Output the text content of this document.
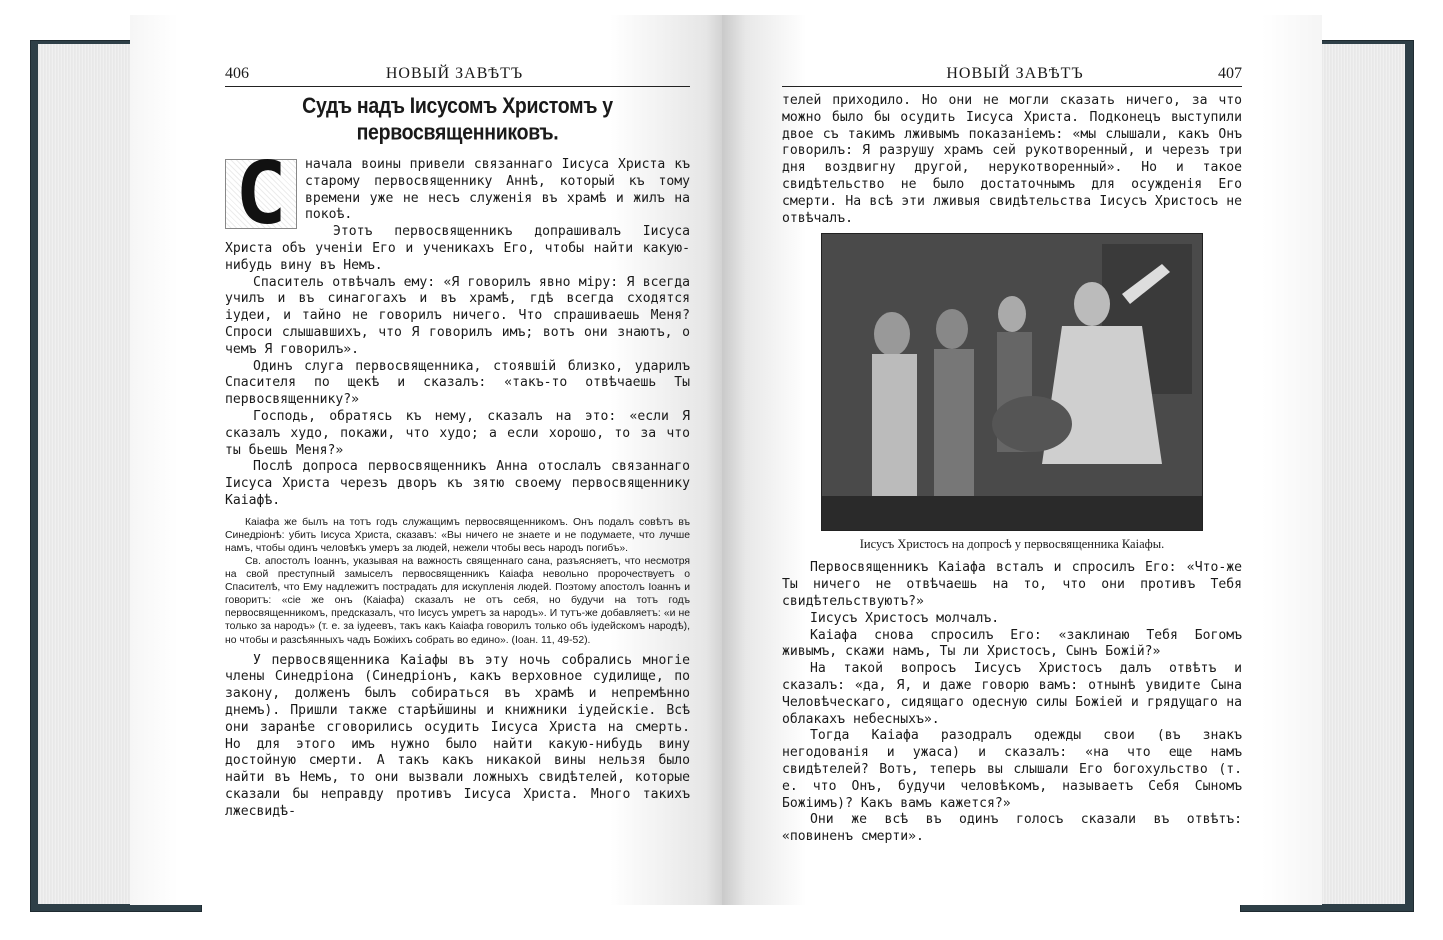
406	НОВЫЙ ЗАВѢТЪ
Судъ надъ Іисусомъ Христомъ у первосвященниковъ.
С	начала воины привели связаннаго Іисуса Христа къ старому первосвященнику Аннѣ, который къ тому времени уже не несъ служенія въ храмѣ и жилъ на покоѣ.

Этотъ первосвященникъ допрашивалъ Іисуса Христа объ ученіи Его и ученикахъ Его, чтобы найти какую-нибудь вину въ Немъ.

Спаситель отвѣчалъ ему: «Я говорилъ явно міру: Я всегда училъ и въ синагогахъ и въ храмѣ, гдѣ всегда сходятся іудеи, и тайно не говорилъ ничего. Что спрашиваешь Меня? Спроси слышавшихъ, что Я говорилъ имъ; вотъ они знаютъ, о чемъ Я говорилъ».

Одинъ слуга первосвященника, стоявшій близко, ударилъ Спасителя по щекѣ и сказалъ: «такъ-то отвѣчаешь Ты первосвященнику?»

Господь, обратясь къ нему, сказалъ на это: «если Я сказалъ худо, покажи, что худо; а если хорошо, то за что ты бьешь Меня?»

Послѣ допроса первосвященникъ Анна отослалъ связаннаго Іисуса Христа черезъ дворъ къ зятю своему первосвященнику Каіафѣ.

Каіафа же былъ на тотъ годъ служащимъ первосвященникомъ. Онъ подалъ совѣтъ въ Синедріонѣ: убить Іисуса Христа, сказавъ: «Вы ничего не знаете и не подумаете, что лучше намъ, чтобы одинъ человѣкъ умеръ за людей, нежели чтобы весь народъ погибъ».

Св. апостолъ Іоаннъ, указывая на важность священнаго сана, разъясняетъ, что несмотря на свой преступный замыселъ первосвященникъ Каіафа невольно пророчествуетъ о Спасителѣ, что Ему надлежитъ пострадать для искупленія людей. Поэтому апостолъ Іоаннъ и говоритъ: «сіе же онъ (Каіафа) сказалъ не отъ себя, но будучи на тотъ годъ первосвященникомъ, предсказалъ, что Іисусъ умретъ за народъ». И тутъ-же добавляетъ: «и не только за народъ» (т. е. за іудеевъ, такъ какъ Каіафа говорилъ только объ іудейскомъ народѣ), но чтобы и разсѣянныхъ чадъ Божіихъ собрать во едино». (Іоан. 11, 49-52).

У первосвященника Каіафы въ эту ночь собрались многіе члены Синедріона (Синедріонъ, какъ верховное судилище, по закону, долженъ былъ собираться въ храмѣ и непремѣнно днемъ). Пришли также старѣйшины и книжники іудейскіе. Всѣ они заранѣе сговорились осудить Іисуса Христа на смерть. Но для этого имъ нужно было найти какую-нибудь вину достойную смерти. А такъ какъ никакой вины нельзя было найти въ Немъ, то они вызвали ложныхъ свидѣтелей, которые сказали бы неправду противъ Іисуса Христа. Много такихъ лжесвидѣ-

НОВЫЙ ЗАВѢТЪ	407

телей приходило. Но они не могли сказать ничего, за что можно было бы осудить Іисуса Христа. Подконецъ выступили двое съ такимъ лживымъ показаніемъ: «мы слышали, какъ Онъ говорилъ: Я разрушу храмъ сей рукотворенный, и черезъ три дня воздвигну другой, нерукотворенный». Но и такое свидѣтельство не было достаточнымъ для осужденія Его смерти. На всѣ эти лживыя свидѣтельства Іисусъ Христосъ не отвѣчалъ.

Іисусъ Христосъ на допросѣ у первосвященника Каіафы.

Первосвященникъ Каіафа всталъ и спросилъ Его: «Что-же Ты ничего не отвѣчаешь на то, что они противъ Тебя свидѣтельствуютъ?»

Іисусъ Христосъ молчалъ.

Каіафа снова спросилъ Его: «заклинаю Тебя Богомъ живымъ, скажи намъ, Ты ли Христосъ, Сынъ Божій?»

На такой вопросъ Іисусъ Христосъ далъ отвѣтъ и сказалъ: «да, Я, и даже говорю вамъ: отнынѣ увидите Сына Человѣческаго, сидящаго одесную силы Божіей и грядущаго на облакахъ небесныхъ».

Тогда Каіафа разодралъ одежды свои (въ знакъ негодованія и ужаса) и сказалъ: «на что еще намъ свидѣтелей? Вотъ, теперь вы слышали Его богохульство (т. е. что Онъ, будучи человѣкомъ, называетъ Себя Сыномъ Божіимъ)? Какъ вамъ кажется?»

Они же всѣ въ одинъ голосъ сказали въ отвѣтъ: «повиненъ смерти».
